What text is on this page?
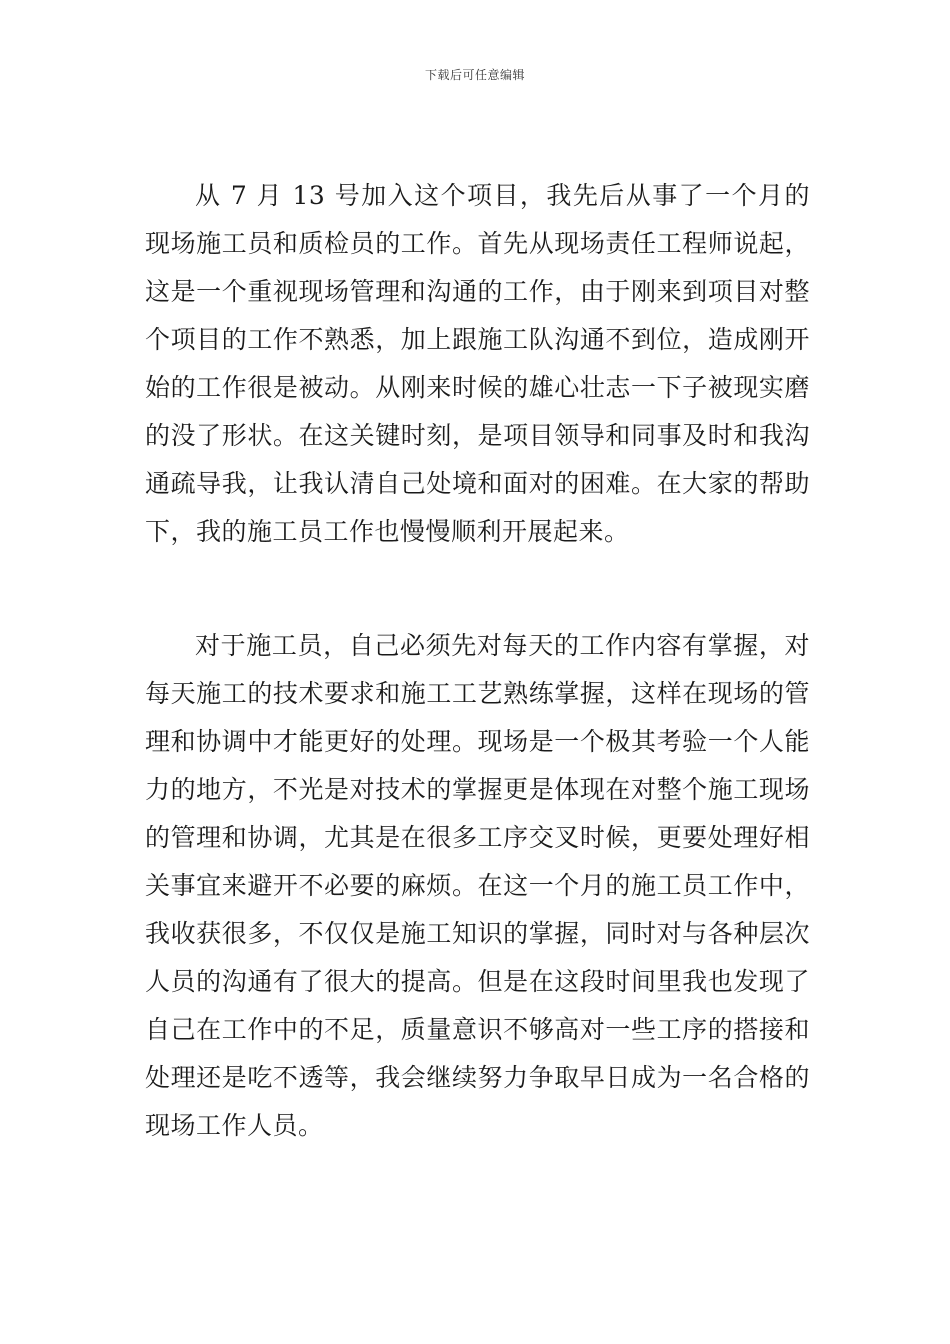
下载后可任意编辑

从 7 月 13 号加入这个项目，我先后从事了一个月的现场施工员和质检员的工作。首先从现场责任工程师说起，这是一个重视现场管理和沟通的工作，由于刚来到项目对整个项目的工作不熟悉，加上跟施工队沟通不到位，造成刚开始的工作很是被动。从刚来时候的雄心壮志一下子被现实磨的没了形状。在这关键时刻，是项目领导和同事及时和我沟通疏导我，让我认清自己处境和面对的困难。在大家的帮助下，我的施工员工作也慢慢顺利开展起来。

对于施工员，自己必须先对每天的工作内容有掌握，对每天施工的技术要求和施工工艺熟练掌握，这样在现场的管理和协调中才能更好的处理。现场是一个极其考验一个人能力的地方，不光是对技术的掌握更是体现在对整个施工现场的管理和协调，尤其是在很多工序交叉时候，更要处理好相关事宜来避开不必要的麻烦。在这一个月的施工员工作中，我收获很多，不仅仅是施工知识的掌握，同时对与各种层次人员的沟通有了很大的提高。但是在这段时间里我也发现了自己在工作中的不足，质量意识不够高对一些工序的搭接和处理还是吃不透等，我会继续努力争取早日成为一名合格的现场工作人员。
